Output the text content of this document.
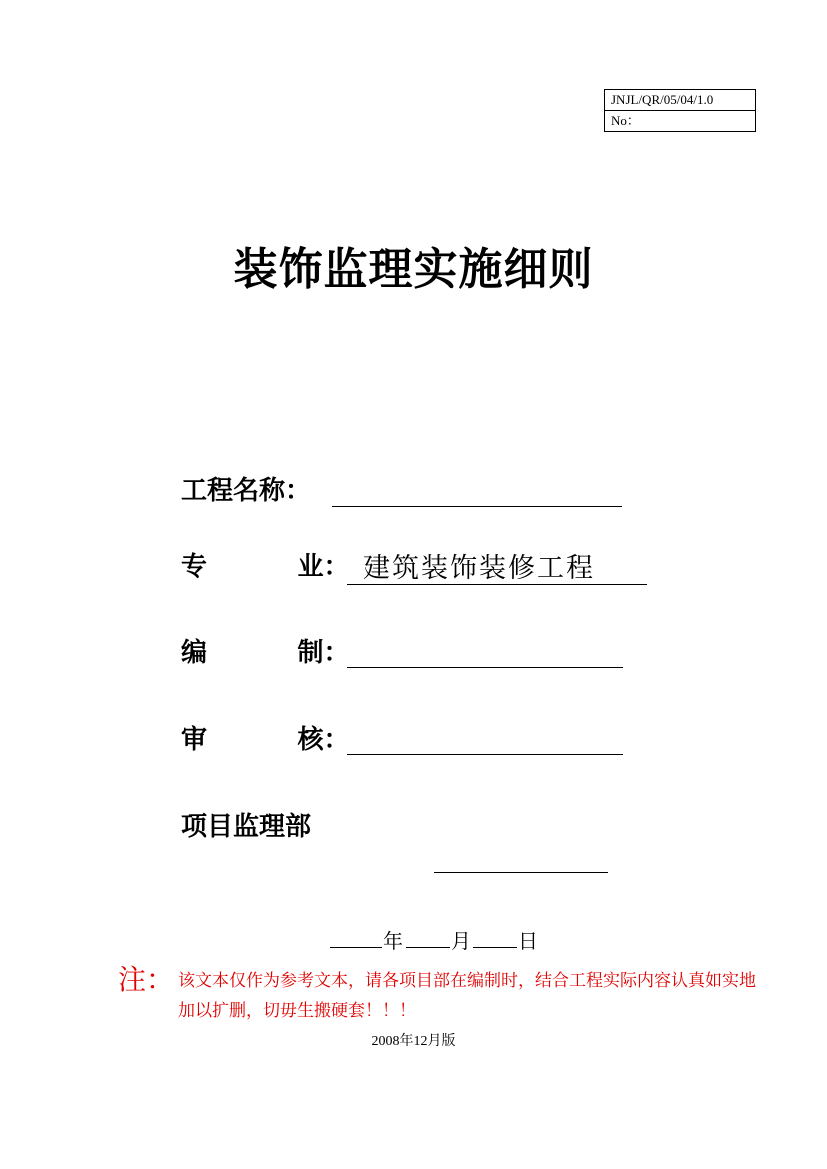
JNJL/QR/05/04/1.0
No：
装饰监理实施细则
工程名称：
专          业： 建筑装饰装修工程
编          制：
审          核：
项目监理部
年 月 日
注： 该文本仅作为参考文本，请各项目部在编制时，结合工程实际内容认真如实地加以扩删，切毋生搬硬套！！！
2008年12月版
